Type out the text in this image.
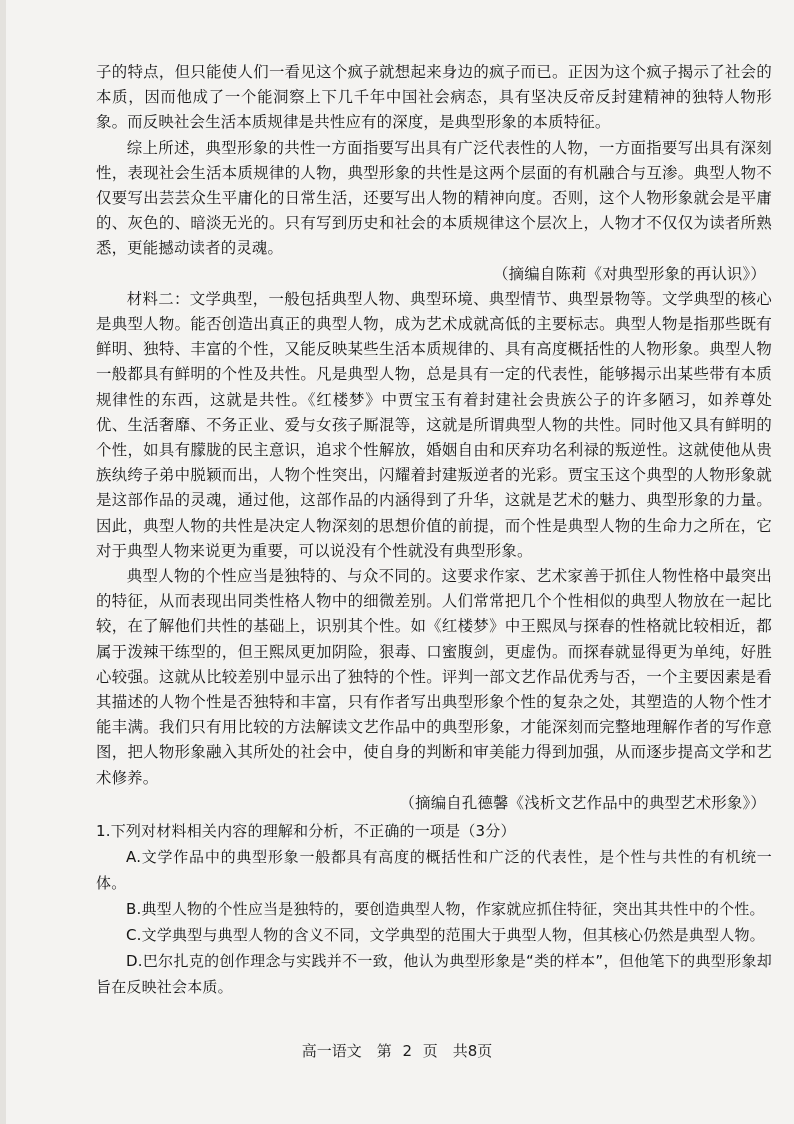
子的特点，但只能使人们一看见这个疯子就想起来身边的疯子而已。正因为这个疯子揭示了社会的本质，因而他成了一个能洞察上下几千年中国社会病态，具有坚决反帝反封建精神的独特人物形象。而反映社会生活本质规律是共性应有的深度，是典型形象的本质特征。

综上所述，典型形象的共性一方面指要写出具有广泛代表性的人物，一方面指要写出具有深刻性，表现社会生活本质规律的人物，典型形象的共性是这两个层面的有机融合与互渗。典型人物不仅要写出芸芸众生平庸化的日常生活，还要写出人物的精神向度。否则，这个人物形象就会是平庸的、灰色的、暗淡无光的。只有写到历史和社会的本质规律这个层次上，人物才不仅仅为读者所熟悉，更能撼动读者的灵魂。

（摘编自陈莉《对典型形象的再认识》）

材料二：文学典型，一般包括典型人物、典型环境、典型情节、典型景物等。文学典型的核心是典型人物。能否创造出真正的典型人物，成为艺术成就高低的主要标志。典型人物是指那些既有鲜明、独特、丰富的个性，又能反映某些生活本质规律的、具有高度概括性的人物形象。典型人物一般都具有鲜明的个性及共性。凡是典型人物，总是具有一定的代表性，能够揭示出某些带有本质规律性的东西，这就是共性。《红楼梦》中贾宝玉有着封建社会贵族公子的许多陋习，如养尊处优、生活奢靡、不务正业、爱与女孩子厮混等，这就是所谓典型人物的共性。同时他又具有鲜明的个性，如具有朦胧的民主意识，追求个性解放，婚姻自由和厌弃功名利禄的叛逆性。这就使他从贵族纨绔子弟中脱颖而出，人物个性突出，闪耀着封建叛逆者的光彩。贾宝玉这个典型的人物形象就是这部作品的灵魂，通过他，这部作品的内涵得到了升华，这就是艺术的魅力、典型形象的力量。因此，典型人物的共性是决定人物深刻的思想价值的前提，而个性是典型人物的生命力之所在，它对于典型人物来说更为重要，可以说没有个性就没有典型形象。

典型人物的个性应当是独特的、与众不同的。这要求作家、艺术家善于抓住人物性格中最突出的特征，从而表现出同类性格人物中的细微差别。人们常常把几个个性相似的典型人物放在一起比较，在了解他们共性的基础上，识别其个性。如《红楼梦》中王熙凤与探春的性格就比较相近，都属于泼辣干练型的，但王熙凤更加阴险，狠毒、口蜜腹剑，更虚伪。而探春就显得更为单纯，好胜心较强。这就从比较差别中显示出了独特的个性。评判一部文艺作品优秀与否，一个主要因素是看其描述的人物个性是否独特和丰富，只有作者写出典型形象个性的复杂之处，其塑造的人物个性才能丰满。我们只有用比较的方法解读文艺作品中的典型形象，才能深刻而完整地理解作者的写作意图，把人物形象融入其所处的社会中，使自身的判断和审美能力得到加强，从而逐步提高文学和艺术修养。

（摘编自孔德馨《浅析文艺作品中的典型艺术形象》）

1.下列对材料相关内容的理解和分析，不正确的一项是（3分）

A.文学作品中的典型形象一般都具有高度的概括性和广泛的代表性，是个性与共性的有机统一体。

B.典型人物的个性应当是独特的，要创造典型人物，作家就应抓住特征，突出其共性中的个性。

C.文学典型与典型人物的含义不同，文学典型的范围大于典型人物，但其核心仍然是典型人物。

D.巴尔扎克的创作理念与实践并不一致，他认为典型形象是“类的样本”，但他笔下的典型形象却旨在反映社会本质。

高一语文　第 2 页　共8页
